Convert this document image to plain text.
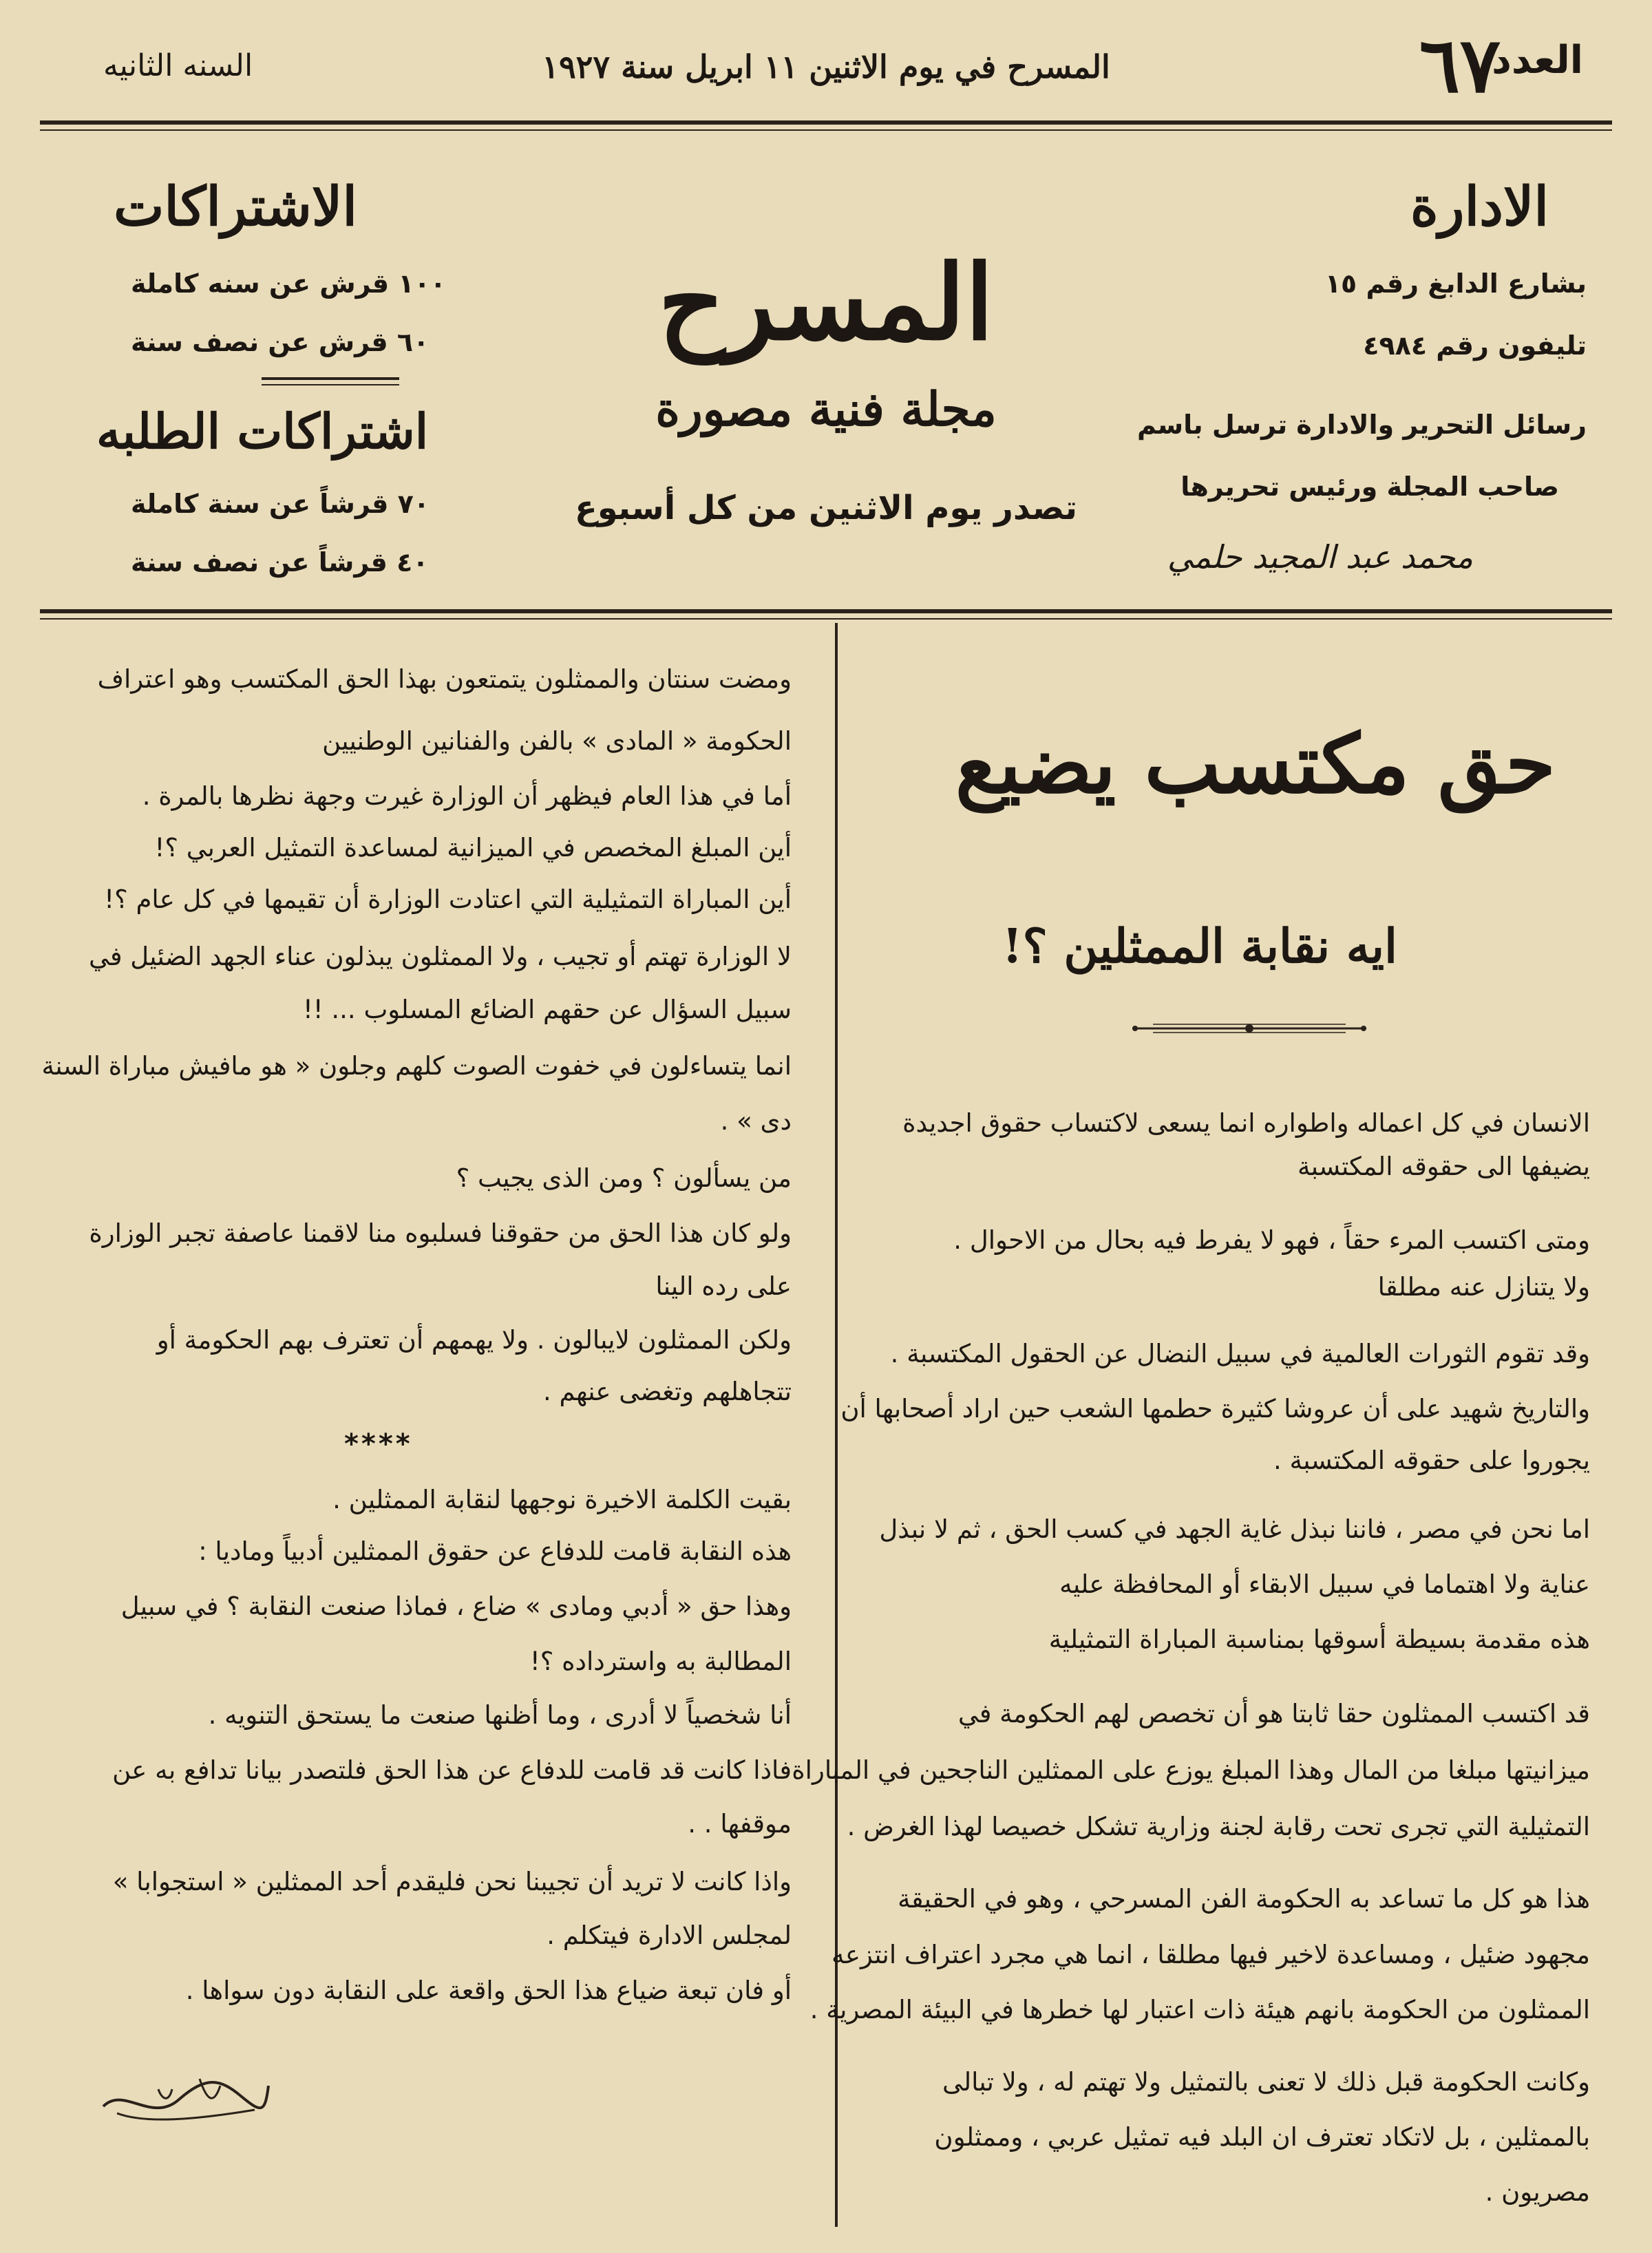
العدد
٦٧
المسرح في يوم الاثنين ١١ ابريل سنة ١٩٢٧
السنه الثانيه
الادارة
بشارع الدابغ رقم ١٥
تليفون رقم ٤٩٨٤
رسائل التحرير والادارة ترسل باسم
صاحب المجلة ورئيس تحريرها
محمد عبد المجيد حلمي
المسرح
مجلة فنية مصورة
تصدر يوم الاثنين من كل أسبوع
الاشتراكات
١٠٠ قرش عن سنه كاملة
٦٠ قرش عن نصف سنة
اشتراكات الطلبه
٧٠ قرشاً عن سنة كاملة
٤٠ قرشاً عن نصف سنة
حق مكتسب يضيع
ايه نقابة الممثلين ؟!
الانسان في كل اعماله واطواره انما يسعى لاكتساب حقوق اجديدة
يضيفها الى حقوقه المكتسبة
ومتى اكتسب المرء حقاً ، فهو لا يفرط فيه بحال من الاحوال .
ولا يتنازل عنه مطلقا
وقد تقوم الثورات العالمية في سبيل النضال عن الحقول المكتسبة .
والتاريخ شهيد على أن عروشا كثيرة حطمها الشعب حين اراد أصحابها أن
يجوروا على حقوقه المكتسبة .
اما نحن في مصر ، فاننا نبذل غاية الجهد في كسب الحق ، ثم لا نبذل
عناية ولا اهتماما في سبيل الابقاء أو المحافظة عليه
هذه مقدمة بسيطة أسوقها بمناسبة المباراة التمثيلية
قد اكتسب الممثلون حقا ثابتا هو أن تخصص لهم الحكومة في
ميزانيتها مبلغا من المال وهذا المبلغ يوزع على الممثلين الناجحين في المباراة
التمثيلية التي تجرى تحت رقابة لجنة وزارية تشكل خصيصا لهذا الغرض .
هذا هو كل ما تساعد به الحكومة الفن المسرحي ، وهو في الحقيقة
مجهود ضئيل ، ومساعدة لاخير فيها مطلقا ، انما هي مجرد اعتراف انتزعه
الممثلون من الحكومة بانهم هيئة ذات اعتبار لها خطرها في البيئة المصرية .
وكانت الحكومة قبل ذلك لا تعنى بالتمثيل ولا تهتم له ، ولا تبالى
بالممثلين ، بل لاتكاد تعترف ان البلد فيه تمثيل عربي ، وممثلون
مصريون .
ومضت سنتان والممثلون يتمتعون بهذا الحق المكتسب وهو اعتراف
الحكومة « المادى » بالفن والفنانين الوطنيين
أما في هذا العام فيظهر أن الوزارة غيرت وجهة نظرها بالمرة .
أين المبلغ المخصص في الميزانية لمساعدة التمثيل العربي ؟!
أين المباراة التمثيلية التي اعتادت الوزارة أن تقيمها في كل عام ؟!
لا الوزارة تهتم أو تجيب ، ولا الممثلون يبذلون عناء الجهد الضئيل في
سبيل السؤال عن حقهم الضائع المسلوب ... !!
انما يتساءلون في خفوت الصوت كلهم وجلون « هو مافيش مباراة السنة
دى » .
من يسألون ؟ ومن الذى يجيب ؟
ولو كان هذا الحق من حقوقنا فسلبوه منا لاقمنا عاصفة تجبر الوزارة
على رده الينا
ولكن الممثلون لايبالون . ولا يهمهم أن تعترف بهم الحكومة أو
تتجاهلهم وتغضى عنهم .
****
بقيت الكلمة الاخيرة نوجهها لنقابة الممثلين .
هذه النقابة قامت للدفاع عن حقوق الممثلين أدبياً وماديا :
وهذا حق « أدبي ومادى » ضاع ، فماذا صنعت النقابة ؟ في سبيل
المطالبة به واسترداده ؟!
أنا شخصياً لا أدرى ، وما أظنها صنعت ما يستحق التنويه .
فاذا كانت قد قامت للدفاع عن هذا الحق فلتصدر بيانا تدافع به عن
موقفها . .
واذا كانت لا تريد أن تجيبنا نحن فليقدم أحد الممثلين « استجوابا »
لمجلس الادارة فيتكلم .
أو فان تبعة ضياع هذا الحق واقعة على النقابة دون سواها .
